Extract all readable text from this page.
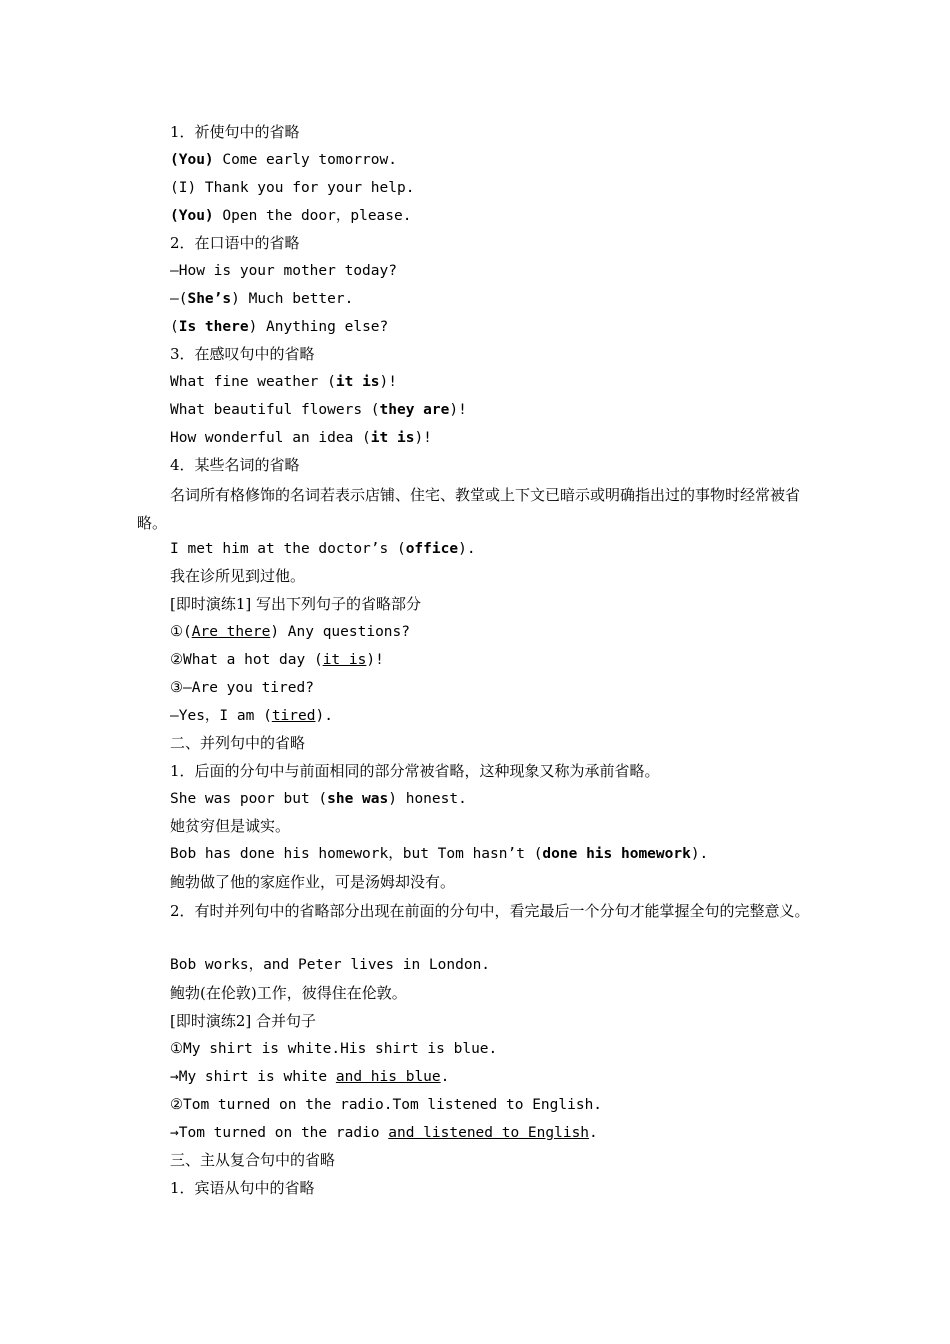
1．祈使句中的省略
(You) Come early tomorrow.
(I) Thank you for your help.
(You) Open the door，please.
2．在口语中的省略
—How is your mother today?
—(She’s) Much better.
(Is there) Anything else?
3．在感叹句中的省略
What fine weather (it is)!
What beautiful flowers (they are)!
How wonderful an idea (it is)!
4．某些名词的省略
名词所有格修饰的名词若表示店铺、住宅、教堂或上下文已暗示或明确指出过的事物时经常被省略。
I met him at the doctor’s (office).
我在诊所见到过他。
[即时演练1] 写出下列句子的省略部分
①(Are there) Any questions?
②What a hot day (it is)!
③—Are you tired?
—Yes，I am (tired).
二、并列句中的省略
1．后面的分句中与前面相同的部分常被省略，这种现象又称为承前省略。
She was poor but (she was) honest.
她贫穷但是诚实。
Bob has done his homework，but Tom hasn’t (done his homework).
鲍勃做了他的家庭作业，可是汤姆却没有。
2．有时并列句中的省略部分出现在前面的分句中，看完最后一个分句才能掌握全句的完整意义。
Bob works，and Peter lives in London.
鲍勃(在伦敦)工作，彼得住在伦敦。
[即时演练2] 合并句子
①My shirt is white.His shirt is blue.
→My shirt is white and his blue.
②Tom turned on the radio.Tom listened to English.
→Tom turned on the radio and listened to English.
三、主从复合句中的省略
1．宾语从句中的省略
